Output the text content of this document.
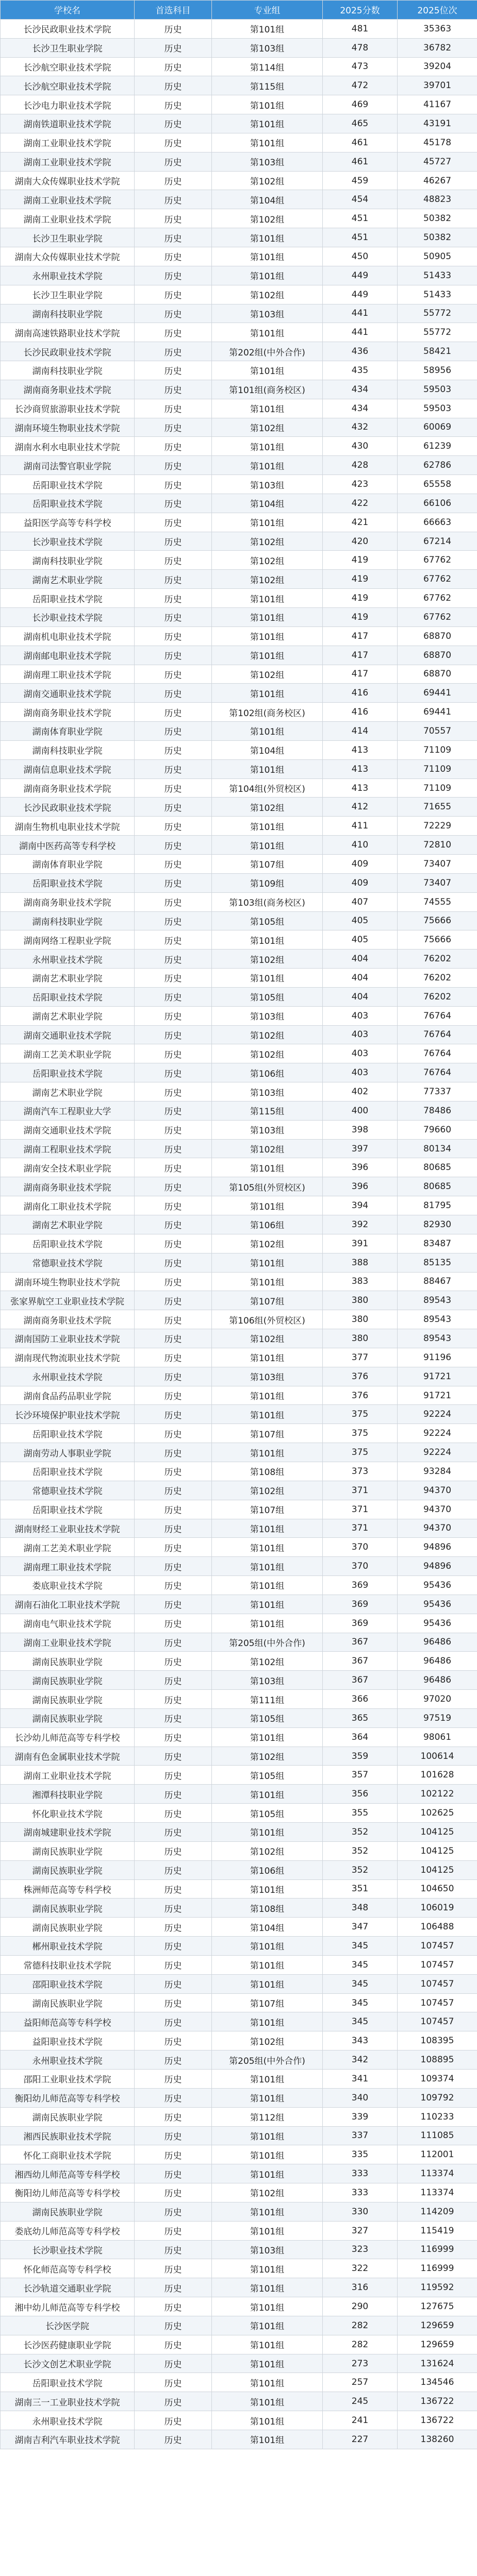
学校名	首选科目	专业组	2025分数	2025位次
长沙民政职业技术学院	历史	第101组	481	35363
长沙卫生职业学院	历史	第103组	478	36782
长沙航空职业技术学院	历史	第114组	473	39204
长沙航空职业技术学院	历史	第115组	472	39701
长沙电力职业技术学院	历史	第101组	469	41167
湖南铁道职业技术学院	历史	第101组	465	43191
湖南工业职业技术学院	历史	第101组	461	45178
湖南工业职业技术学院	历史	第103组	461	45727
湖南大众传媒职业技术学院	历史	第102组	459	46267
湖南工业职业技术学院	历史	第104组	454	48823
湖南工业职业技术学院	历史	第102组	451	50382
长沙卫生职业学院	历史	第101组	451	50382
湖南大众传媒职业技术学院	历史	第101组	450	50905
永州职业技术学院	历史	第101组	449	51433
长沙卫生职业学院	历史	第102组	449	51433
湖南科技职业学院	历史	第103组	441	55772
湖南高速铁路职业技术学院	历史	第101组	441	55772
长沙民政职业技术学院	历史	第202组(中外合作)	436	58421
湖南科技职业学院	历史	第101组	435	58956
湖南商务职业技术学院	历史	第101组(商务校区)	434	59503
长沙商贸旅游职业技术学院	历史	第101组	434	59503
湖南环境生物职业技术学院	历史	第102组	432	60069
湖南水利水电职业技术学院	历史	第101组	430	61239
湖南司法警官职业学院	历史	第101组	428	62786
岳阳职业技术学院	历史	第103组	423	65558
岳阳职业技术学院	历史	第104组	422	66106
益阳医学高等专科学校	历史	第101组	421	66663
长沙职业技术学院	历史	第102组	420	67214
湖南科技职业学院	历史	第102组	419	67762
湖南艺术职业学院	历史	第102组	419	67762
岳阳职业技术学院	历史	第101组	419	67762
长沙职业技术学院	历史	第101组	419	67762
湖南机电职业技术学院	历史	第101组	417	68870
湖南邮电职业技术学院	历史	第101组	417	68870
湖南理工职业技术学院	历史	第102组	417	68870
湖南交通职业技术学院	历史	第101组	416	69441
湖南商务职业技术学院	历史	第102组(商务校区)	416	69441
湖南体育职业学院	历史	第101组	414	70557
湖南科技职业学院	历史	第104组	413	71109
湖南信息职业技术学院	历史	第101组	413	71109
湖南商务职业技术学院	历史	第104组(外贸校区)	413	71109
长沙民政职业技术学院	历史	第102组	412	71655
湖南生物机电职业技术学院	历史	第101组	411	72229
湖南中医药高等专科学校	历史	第101组	410	72810
湖南体育职业学院	历史	第107组	409	73407
岳阳职业技术学院	历史	第109组	409	73407
湖南商务职业技术学院	历史	第103组(商务校区)	407	74555
湖南科技职业学院	历史	第105组	405	75666
湖南网络工程职业学院	历史	第101组	405	75666
永州职业技术学院	历史	第102组	404	76202
湖南艺术职业学院	历史	第101组	404	76202
岳阳职业技术学院	历史	第105组	404	76202
湖南艺术职业学院	历史	第103组	403	76764
湖南交通职业技术学院	历史	第102组	403	76764
湖南工艺美术职业学院	历史	第102组	403	76764
岳阳职业技术学院	历史	第106组	403	76764
湖南艺术职业学院	历史	第103组	402	77337
湖南汽车工程职业大学	历史	第115组	400	78486
湖南交通职业技术学院	历史	第103组	398	79660
湖南工程职业技术学院	历史	第102组	397	80134
湖南安全技术职业学院	历史	第101组	396	80685
湖南商务职业技术学院	历史	第105组(外贸校区)	396	80685
湖南化工职业技术学院	历史	第101组	394	81795
湖南艺术职业学院	历史	第106组	392	82930
岳阳职业技术学院	历史	第102组	391	83487
常德职业技术学院	历史	第101组	388	85135
湖南环境生物职业技术学院	历史	第101组	383	88467
张家界航空工业职业技术学院	历史	第107组	380	89543
湖南商务职业技术学院	历史	第106组(外贸校区)	380	89543
湖南国防工业职业技术学院	历史	第102组	380	89543
湖南现代物流职业技术学院	历史	第101组	377	91196
永州职业技术学院	历史	第103组	376	91721
湖南食品药品职业学院	历史	第101组	376	91721
长沙环境保护职业技术学院	历史	第101组	375	92224
岳阳职业技术学院	历史	第107组	375	92224
湖南劳动人事职业学院	历史	第101组	375	92224
岳阳职业技术学院	历史	第108组	373	93284
常德职业技术学院	历史	第102组	371	94370
岳阳职业技术学院	历史	第107组	371	94370
湖南财经工业职业技术学院	历史	第101组	371	94370
湖南工艺美术职业学院	历史	第101组	370	94896
湖南理工职业技术学院	历史	第101组	370	94896
娄底职业技术学院	历史	第101组	369	95436
湖南石油化工职业技术学院	历史	第101组	369	95436
湖南电气职业技术学院	历史	第101组	369	95436
湖南工业职业技术学院	历史	第205组(中外合作)	367	96486
湖南民族职业学院	历史	第102组	367	96486
湖南民族职业学院	历史	第103组	367	96486
湖南民族职业学院	历史	第111组	366	97020
湖南民族职业学院	历史	第105组	365	97519
长沙幼儿师范高等专科学校	历史	第101组	364	98061
湖南有色金属职业技术学院	历史	第102组	359	100614
湖南工业职业技术学院	历史	第105组	357	101628
湘潭科技职业学院	历史	第101组	356	102122
怀化职业技术学院	历史	第105组	355	102625
湖南城建职业技术学院	历史	第101组	352	104125
湖南民族职业学院	历史	第102组	352	104125
湖南民族职业学院	历史	第106组	352	104125
株洲师范高等专科学校	历史	第101组	351	104650
湖南民族职业学院	历史	第108组	348	106019
湖南民族职业学院	历史	第104组	347	106488
郴州职业技术学院	历史	第101组	345	107457
常德科技职业技术学院	历史	第101组	345	107457
邵阳职业技术学院	历史	第101组	345	107457
湖南民族职业学院	历史	第107组	345	107457
益阳师范高等专科学校	历史	第101组	345	107457
益阳职业技术学院	历史	第102组	343	108395
永州职业技术学院	历史	第205组(中外合作)	342	108895
邵阳工业职业技术学院	历史	第101组	341	109374
衡阳幼儿师范高等专科学校	历史	第101组	340	109792
湖南民族职业学院	历史	第112组	339	110233
湘西民族职业技术学院	历史	第101组	337	111085
怀化工商职业技术学院	历史	第101组	335	112001
湘西幼儿师范高等专科学校	历史	第101组	333	113374
衡阳幼儿师范高等专科学校	历史	第102组	333	113374
湖南民族职业学院	历史	第101组	330	114209
娄底幼儿师范高等专科学校	历史	第101组	327	115419
长沙职业技术学院	历史	第103组	323	116999
怀化师范高等专科学校	历史	第101组	322	116999
长沙轨道交通职业学院	历史	第101组	316	119592
湘中幼儿师范高等专科学校	历史	第101组	290	127675
长沙医学院	历史	第101组	282	129659
长沙医药健康职业学院	历史	第101组	282	129659
长沙文创艺术职业学院	历史	第101组	273	131624
岳阳职业技术学院	历史	第101组	257	134546
湖南三一工业职业技术学院	历史	第101组	245	136722
永州职业技术学院	历史	第101组	241	136722
湖南吉利汽车职业技术学院	历史	第101组	227	138260
